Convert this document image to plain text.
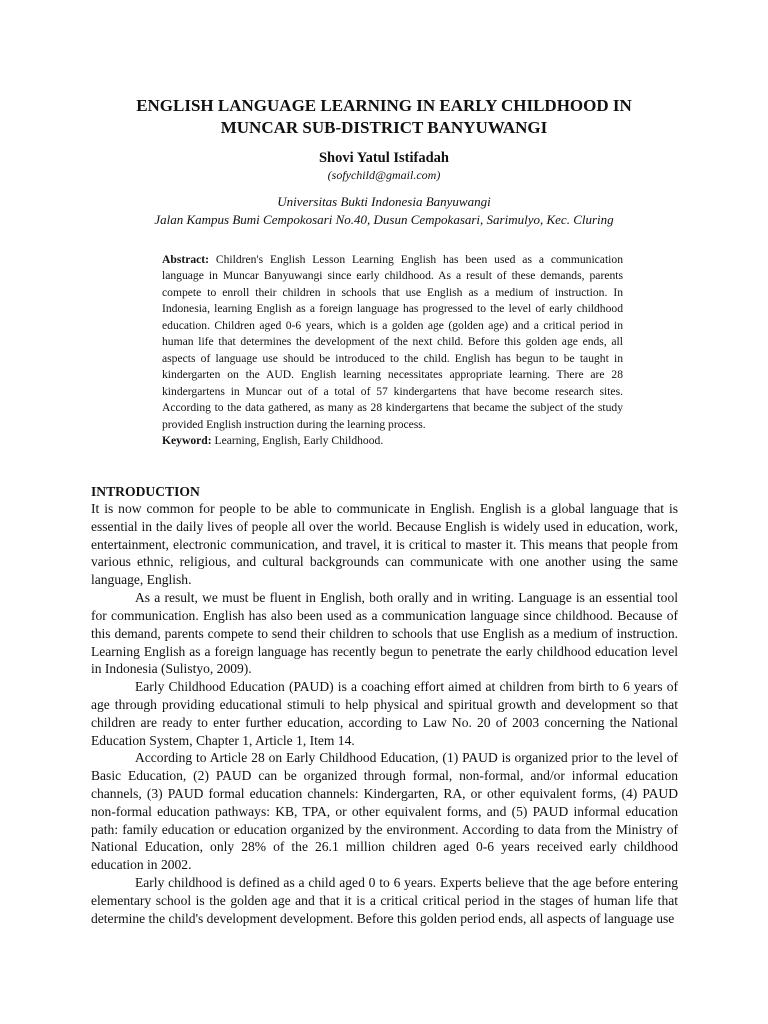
ENGLISH LANGUAGE LEARNING IN EARLY CHILDHOOD IN
MUNCAR SUB-DISTRICT BANYUWANGI
Shovi Yatul Istifadah
(sofychild@gmail.com)
Universitas Bukti Indonesia Banyuwangi
Jalan Kampus Bumi Cempokosari No.40, Dusun Cempokasari, Sarimulyo, Kec. Cluring

Abstract: Children's English Lesson Learning English has been used as a communication language in Muncar Banyuwangi since early childhood. As a result of these demands, parents compete to enroll their children in schools that use English as a medium of instruction. In Indonesia, learning English as a foreign language has progressed to the level of early childhood education. Children aged 0-6 years, which is a golden age (golden age) and a critical period in human life that determines the development of the next child. Before this golden age ends, all aspects of language use should be introduced to the child. English has begun to be taught in kindergarten on the AUD. English learning necessitates appropriate learning. There are 28 kindergartens in Muncar out of a total of 57 kindergartens that have become research sites. According to the data gathered, as many as 28 kindergartens that became the subject of the study provided English instruction during the learning process.
Keyword: Learning, English, Early Childhood.

INTRODUCTION

It is now common for people to be able to communicate in English. English is a global language that is essential in the daily lives of people all over the world. Because English is widely used in education, work, entertainment, electronic communication, and travel, it is critical to master it. This means that people from various ethnic, religious, and cultural backgrounds can communicate with one another using the same language, English.

As a result, we must be fluent in English, both orally and in writing. Language is an essential tool for communication. English has also been used as a communication language since childhood. Because of this demand, parents compete to send their children to schools that use English as a medium of instruction. Learning English as a foreign language has recently begun to penetrate the early childhood education level in Indonesia (Sulistyo, 2009).

Early Childhood Education (PAUD) is a coaching effort aimed at children from birth to 6 years of age through providing educational stimuli to help physical and spiritual growth and development so that children are ready to enter further education, according to Law No. 20 of 2003 concerning the National Education System, Chapter 1, Article 1, Item 14.

According to Article 28 on Early Childhood Education, (1) PAUD is organized prior to the level of Basic Education, (2) PAUD can be organized through formal, non-formal, and/or informal education channels, (3) PAUD formal education channels: Kindergarten, RA, or other equivalent forms, (4) PAUD non-formal education pathways: KB, TPA, or other equivalent forms, and (5) PAUD informal education path: family education or education organized by the environment. According to data from the Ministry of National Education, only 28% of the 26.1 million children aged 0-6 years received early childhood education in 2002.

Early childhood is defined as a child aged 0 to 6 years. Experts believe that the age before entering elementary school is the golden age and that it is a critical critical period in the stages of human life that determine the child's development development. Before this golden period ends, all aspects of language use
